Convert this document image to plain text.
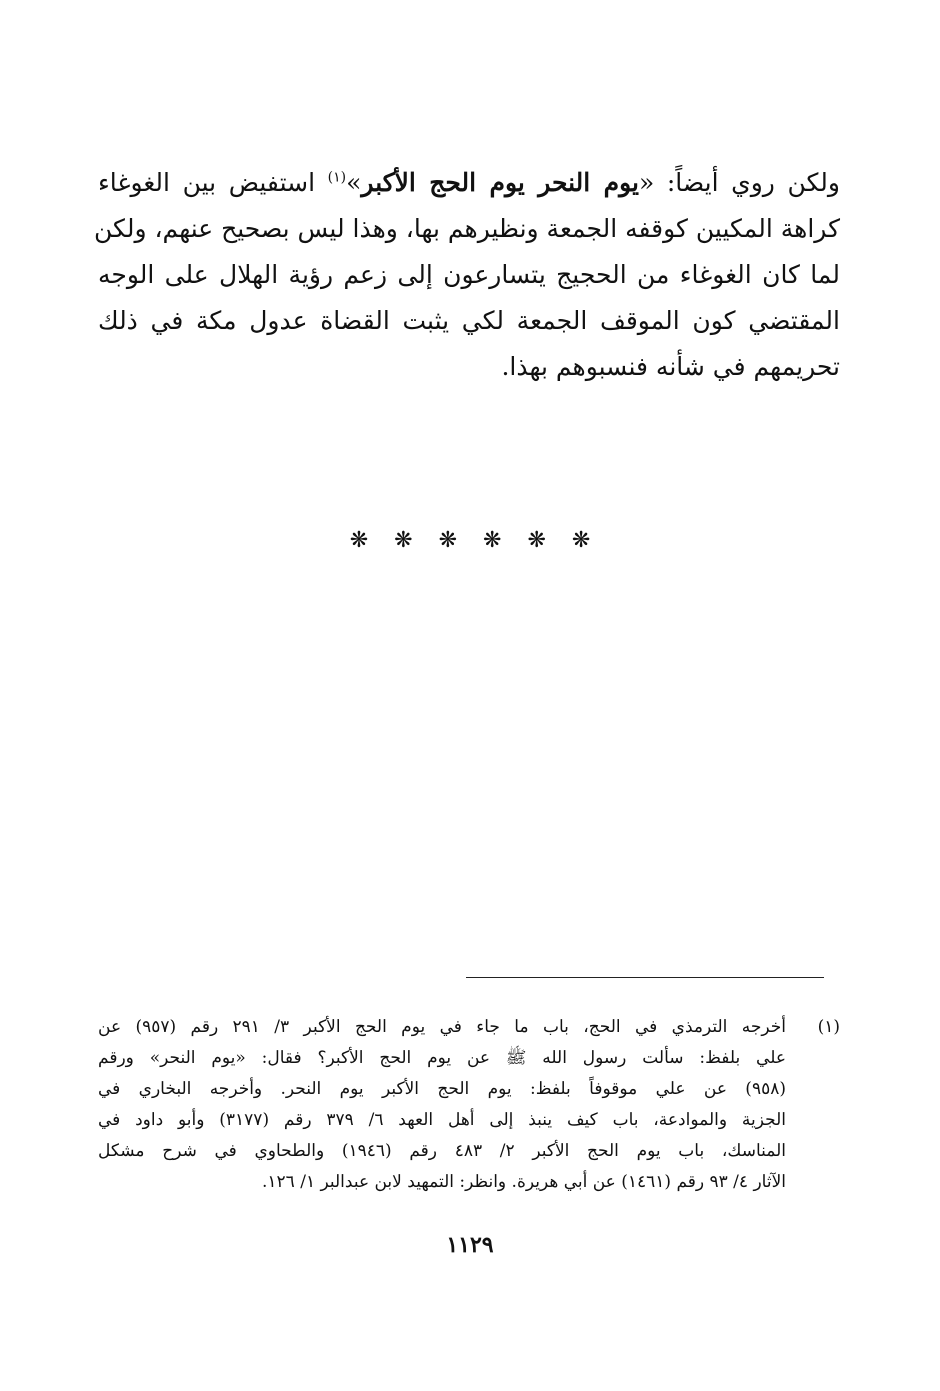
ولكن روي أيضاً: «يوم النحر يوم الحج الأكبر»$^{(١)}$ استفيض بين الغوغاء
كراهة المكيين كوقفه الجمعة ونظيرهم بها، وهذا ليس بصحيح عنهم، ولكن
لما كان الغوغاء من الحجيج يتسارعون إلى زعم رؤية الهلال على الوجه
المقتضي كون الموقف الجمعة لكي يثبت القضاة عدول مكة في ذلك
تحريمهم في شأنه فنسبوهم بهذا.
❋❋❋❋❋❋
(١)
أخرجه الترمذي في الحج، باب ما جاء في يوم الحج الأكبر ٣/ ٢٩١ رقم (٩٥٧) عن
علي بلفظ: سألت رسول الله ﷺ عن يوم الحج الأكبر؟ فقال: «يوم النحر» ورقم
(٩٥٨) عن علي موقوفاً بلفظ: يوم الحج الأكبر يوم النحر. وأخرجه البخاري في
الجزية والموادعة، باب كيف ينبذ إلى أهل العهد ٦/ ٣٧٩ رقم (٣١٧٧) وأبو داود في
المناسك، باب يوم الحج الأكبر ٢/ ٤٨٣ رقم (١٩٤٦) والطحاوي في شرح مشكل
الآثار ٤/ ٩٣ رقم (١٤٦١) عن أبي هريرة. وانظر: التمهيد لابن عبدالبر ١/ ١٢٦.
١١٢٩
